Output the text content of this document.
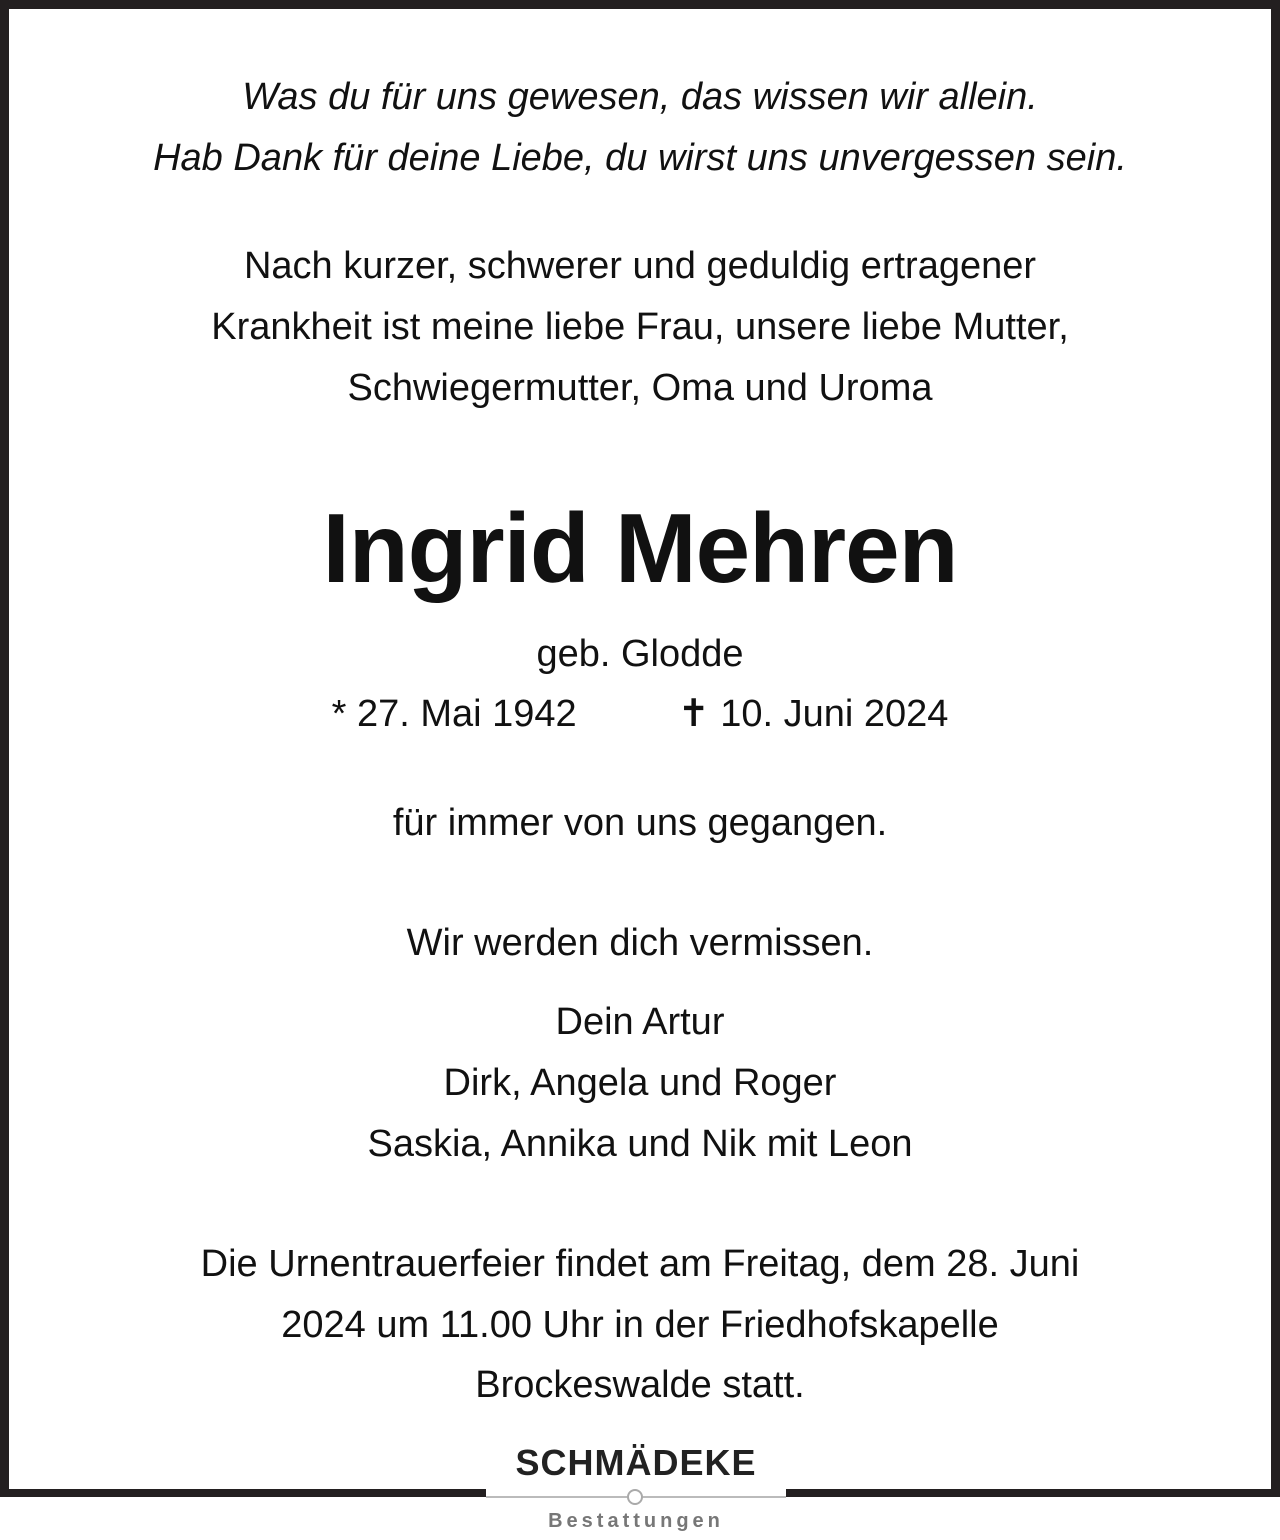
Was du für uns gewesen, das wissen wir allein.
Hab Dank für deine Liebe, du wirst uns unvergessen sein.
Nach kurzer, schwerer und geduldig ertragener
Krankheit ist meine liebe Frau, unsere liebe Mutter,
Schwiegermutter, Oma und Uroma
Ingrid Mehren
geb. Glodde
* 27. Mai 1942	✝ 10. Juni 2024
für immer von uns gegangen.
Wir werden dich vermissen.
Dein Artur
Dirk, Angela und Roger
Saskia, Annika und Nik mit Leon
Die Urnentrauerfeier findet am Freitag, dem 28. Juni
2024 um 11.00 Uhr in der Friedhofskapelle
Brockeswalde statt.
SCHMÄDEKE
Bestattungen
